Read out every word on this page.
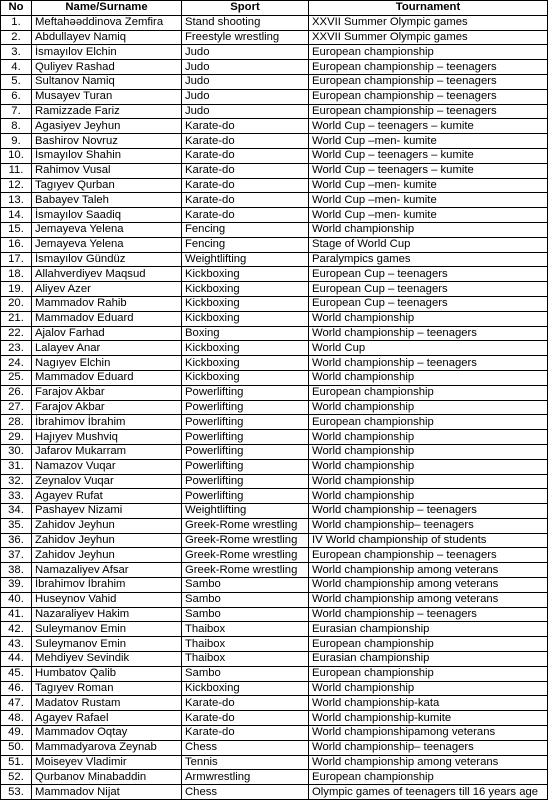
No	Name/Surname	Sport	Tournament
1.	Meftahəəddinova Zemfira	Stand shooting	XXVII Summer Olympic games
2.	Abdullayev Namiq	Freestyle wrestling	XXVII Summer Olympic games
3.	İsmayılov Elchin	Judo	European championship
4.	Quliyev Rashad	Judo	European championship – teenagers
5.	Sultanov Namiq	Judo	European championship – teenagers
6.	Musayev Turan	Judo	European championship – teenagers
7.	Ramizzade Fariz	Judo	European championship – teenagers
8.	Agasiyev Jeyhun	Karate-do	World Cup – teenagers – kumite
9.	Bashirov Novruz	Karate-do	World Cup –men- kumite
10.	İsmayılov Shahin	Karate-do	World Cup – teenagers – kumite
11.	Rahimov Vusal	Karate-do	World Cup – teenagers – kumite
12.	Tagıyev Qurban	Karate-do	World Cup –men- kumite
13.	Babayev Taleh	Karate-do	World Cup –men- kumite
14.	İsmayılov Saadiq	Karate-do	World Cup –men- kumite
15.	Jemayeva Yelena	Fencing	World championship
16.	Jemayeva Yelena	Fencing	Stage of World Cup
17.	İsmayılov Gündüz	Weightlifting	Paralympics games
18.	Allahverdiyev Maqsud	Kickboxing	European Cup – teenagers
19.	Aliyev Azer	Kickboxing	European Cup – teenagers
20.	Mammadov Rahib	Kickboxing	European Cup – teenagers
21.	Mammadov Eduard	Kickboxing	World championship
22.	Ajalov Farhad	Boxing	World championship – teenagers
23.	Lalayev Anar	Kickboxing	World Cup
24.	Nagıyev Elchin	Kickboxing	World championship – teenagers
25.	Mammadov Eduard	Kickboxing	World championship
26.	Farajov Akbar	Powerlifting	European championship
27.	Farajov Akbar	Powerlifting	World championship
28.	İbrahimov İbrahim	Powerlifting	European championship
29.	Hajıyev Mushviq	Powerlifting	World championship
30.	Jafarov Mukarram	Powerlifting	World championship
31.	Namazov Vuqar	Powerlifting	World championship
32.	Zeynalov Vuqar	Powerlifting	World championship
33.	Agayev Rufat	Powerlifting	World championship
34.	Pashayev Nizami	Weightlifting	World championship – teenagers
35.	Zahidov Jeyhun	Greek-Rome wrestling	World championship– teenagers
36.	Zahidov Jeyhun	Greek-Rome wrestling	IV World championship of students
37.	Zahidov Jeyhun	Greek-Rome wrestling	European championship – teenagers
38.	Namazaliyev Afsar	Greek-Rome wrestling	World championship among veterans
39.	İbrahimov İbrahim	Sambo	World championship among veterans
40.	Huseynov Vahid	Sambo	World championship among veterans
41.	Nazaraliyev Hakim	Sambo	World championship – teenagers
42.	Suleymanov Emin	Thaibox	Eurasian championship
43.	Suleymanov Emin	Thaibox	European championship
44.	Mehdiyev Sevindik	Thaibox	Eurasian championship
45.	Humbatov Qalib	Sambo	European championship
46.	Tagıyev Roman	Kickboxing	World championship
47.	Madatov Rustam	Karate-do	World championship-kata
48.	Agayev Rafael	Karate-do	World championship-kumite
49.	Mammadov Oqtay	Karate-do	World championshipamong veterans
50.	Mammadyarova Zeynab	Chess	World championship– teenagers
51.	Moiseyev Vladimir	Tennis	World championship among veterans
52.	Qurbanov Minabaddin	Armwrestling	European championship
53.	Mammadov Nijat	Chess	Olympic games of teenagers till 16 years age
